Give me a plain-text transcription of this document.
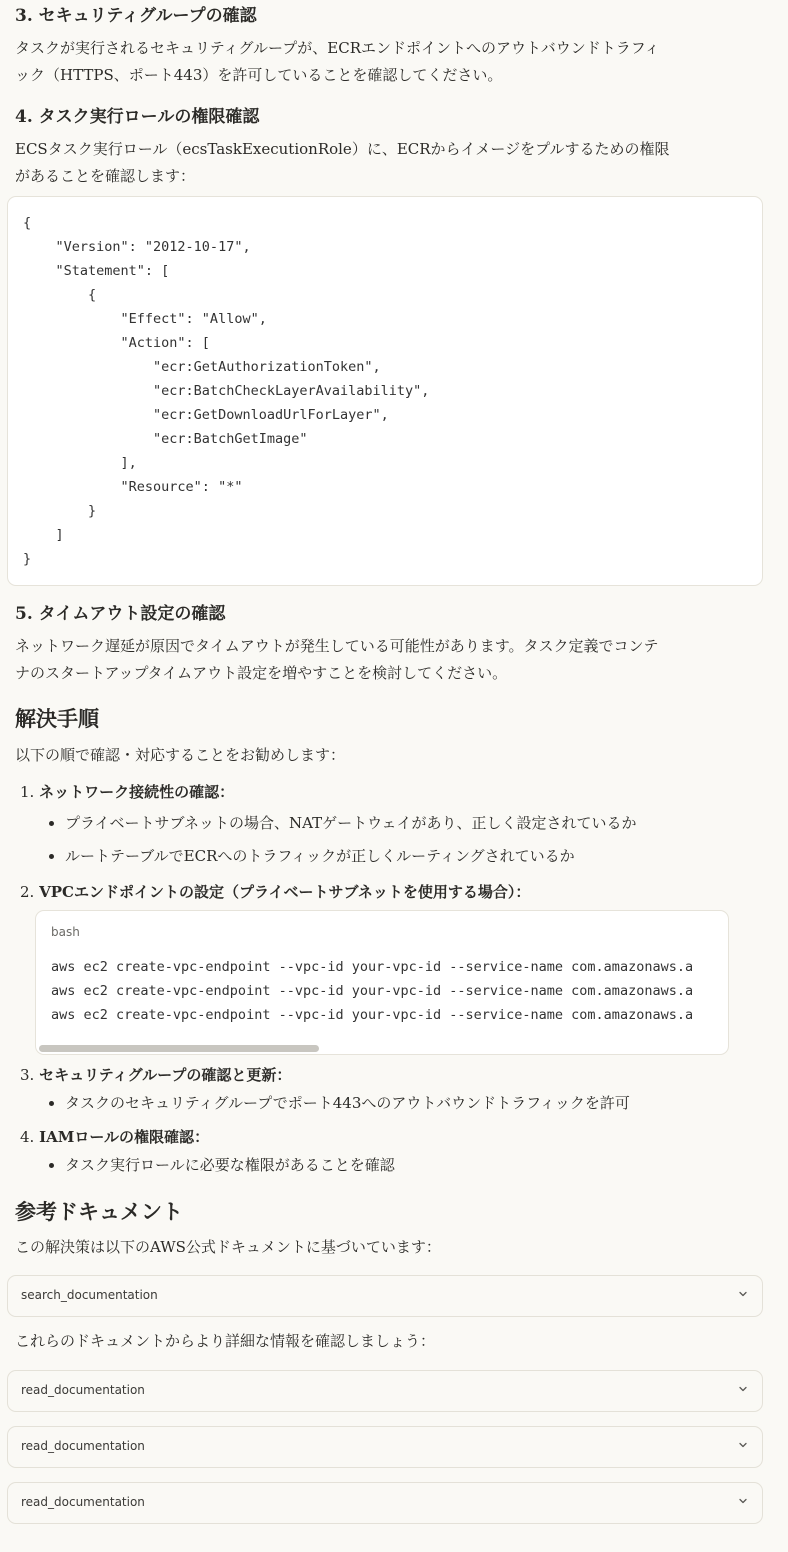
3. セキュリティグループの確認

タスクが実行されるセキュリティグループが、ECRエンドポイントへのアウトバウンドトラフィ
ック（HTTPS、ポート443）を許可していることを確認してください。

4. タスク実行ロールの権限確認

ECSタスク実行ロール（ecsTaskExecutionRole）に、ECRからイメージをプルするための権限
があることを確認します：

{
"Version": "2012-10-17",
"Statement": [
{
"Effect": "Allow",
"Action": [
"ecr:GetAuthorizationToken",
"ecr:BatchCheckLayerAvailability",
"ecr:GetDownloadUrlForLayer",
"ecr:BatchGetImage"
],
"Resource": "*"
}
]
}
5. タイムアウト設定の確認

ネットワーク遅延が原因でタイムアウトが発生している可能性があります。タスク定義でコンテ
ナのスタートアップタイムアウト設定を増やすことを検討してください。

解決手順

以下の順で確認・対応することをお勧めします：

1. ネットワーク接続性の確認：
• プライベートサブネットの場合、NATゲートウェイがあり、正しく設定されているか
• ルートテーブルでECRへのトラフィックが正しくルーティングされているか
2. VPCエンドポイントの設定（プライベートサブネットを使用する場合）：
bash
aws ec2 create-vpc-endpoint --vpc-id your-vpc-id --service-name com.amazonaws.a
aws ec2 create-vpc-endpoint --vpc-id your-vpc-id --service-name com.amazonaws.a
aws ec2 create-vpc-endpoint --vpc-id your-vpc-id --service-name com.amazonaws.a
3. セキュリティグループの確認と更新：
• タスクのセキュリティグループでポート443へのアウトバウンドトラフィックを許可
4. IAMロールの権限確認：
• タスク実行ロールに必要な権限があることを確認
参考ドキュメント

この解決策は以下のAWS公式ドキュメントに基づいています：

search_documentation

これらのドキュメントからより詳細な情報を確認しましょう：

read_documentation
read_documentation
read_documentation
